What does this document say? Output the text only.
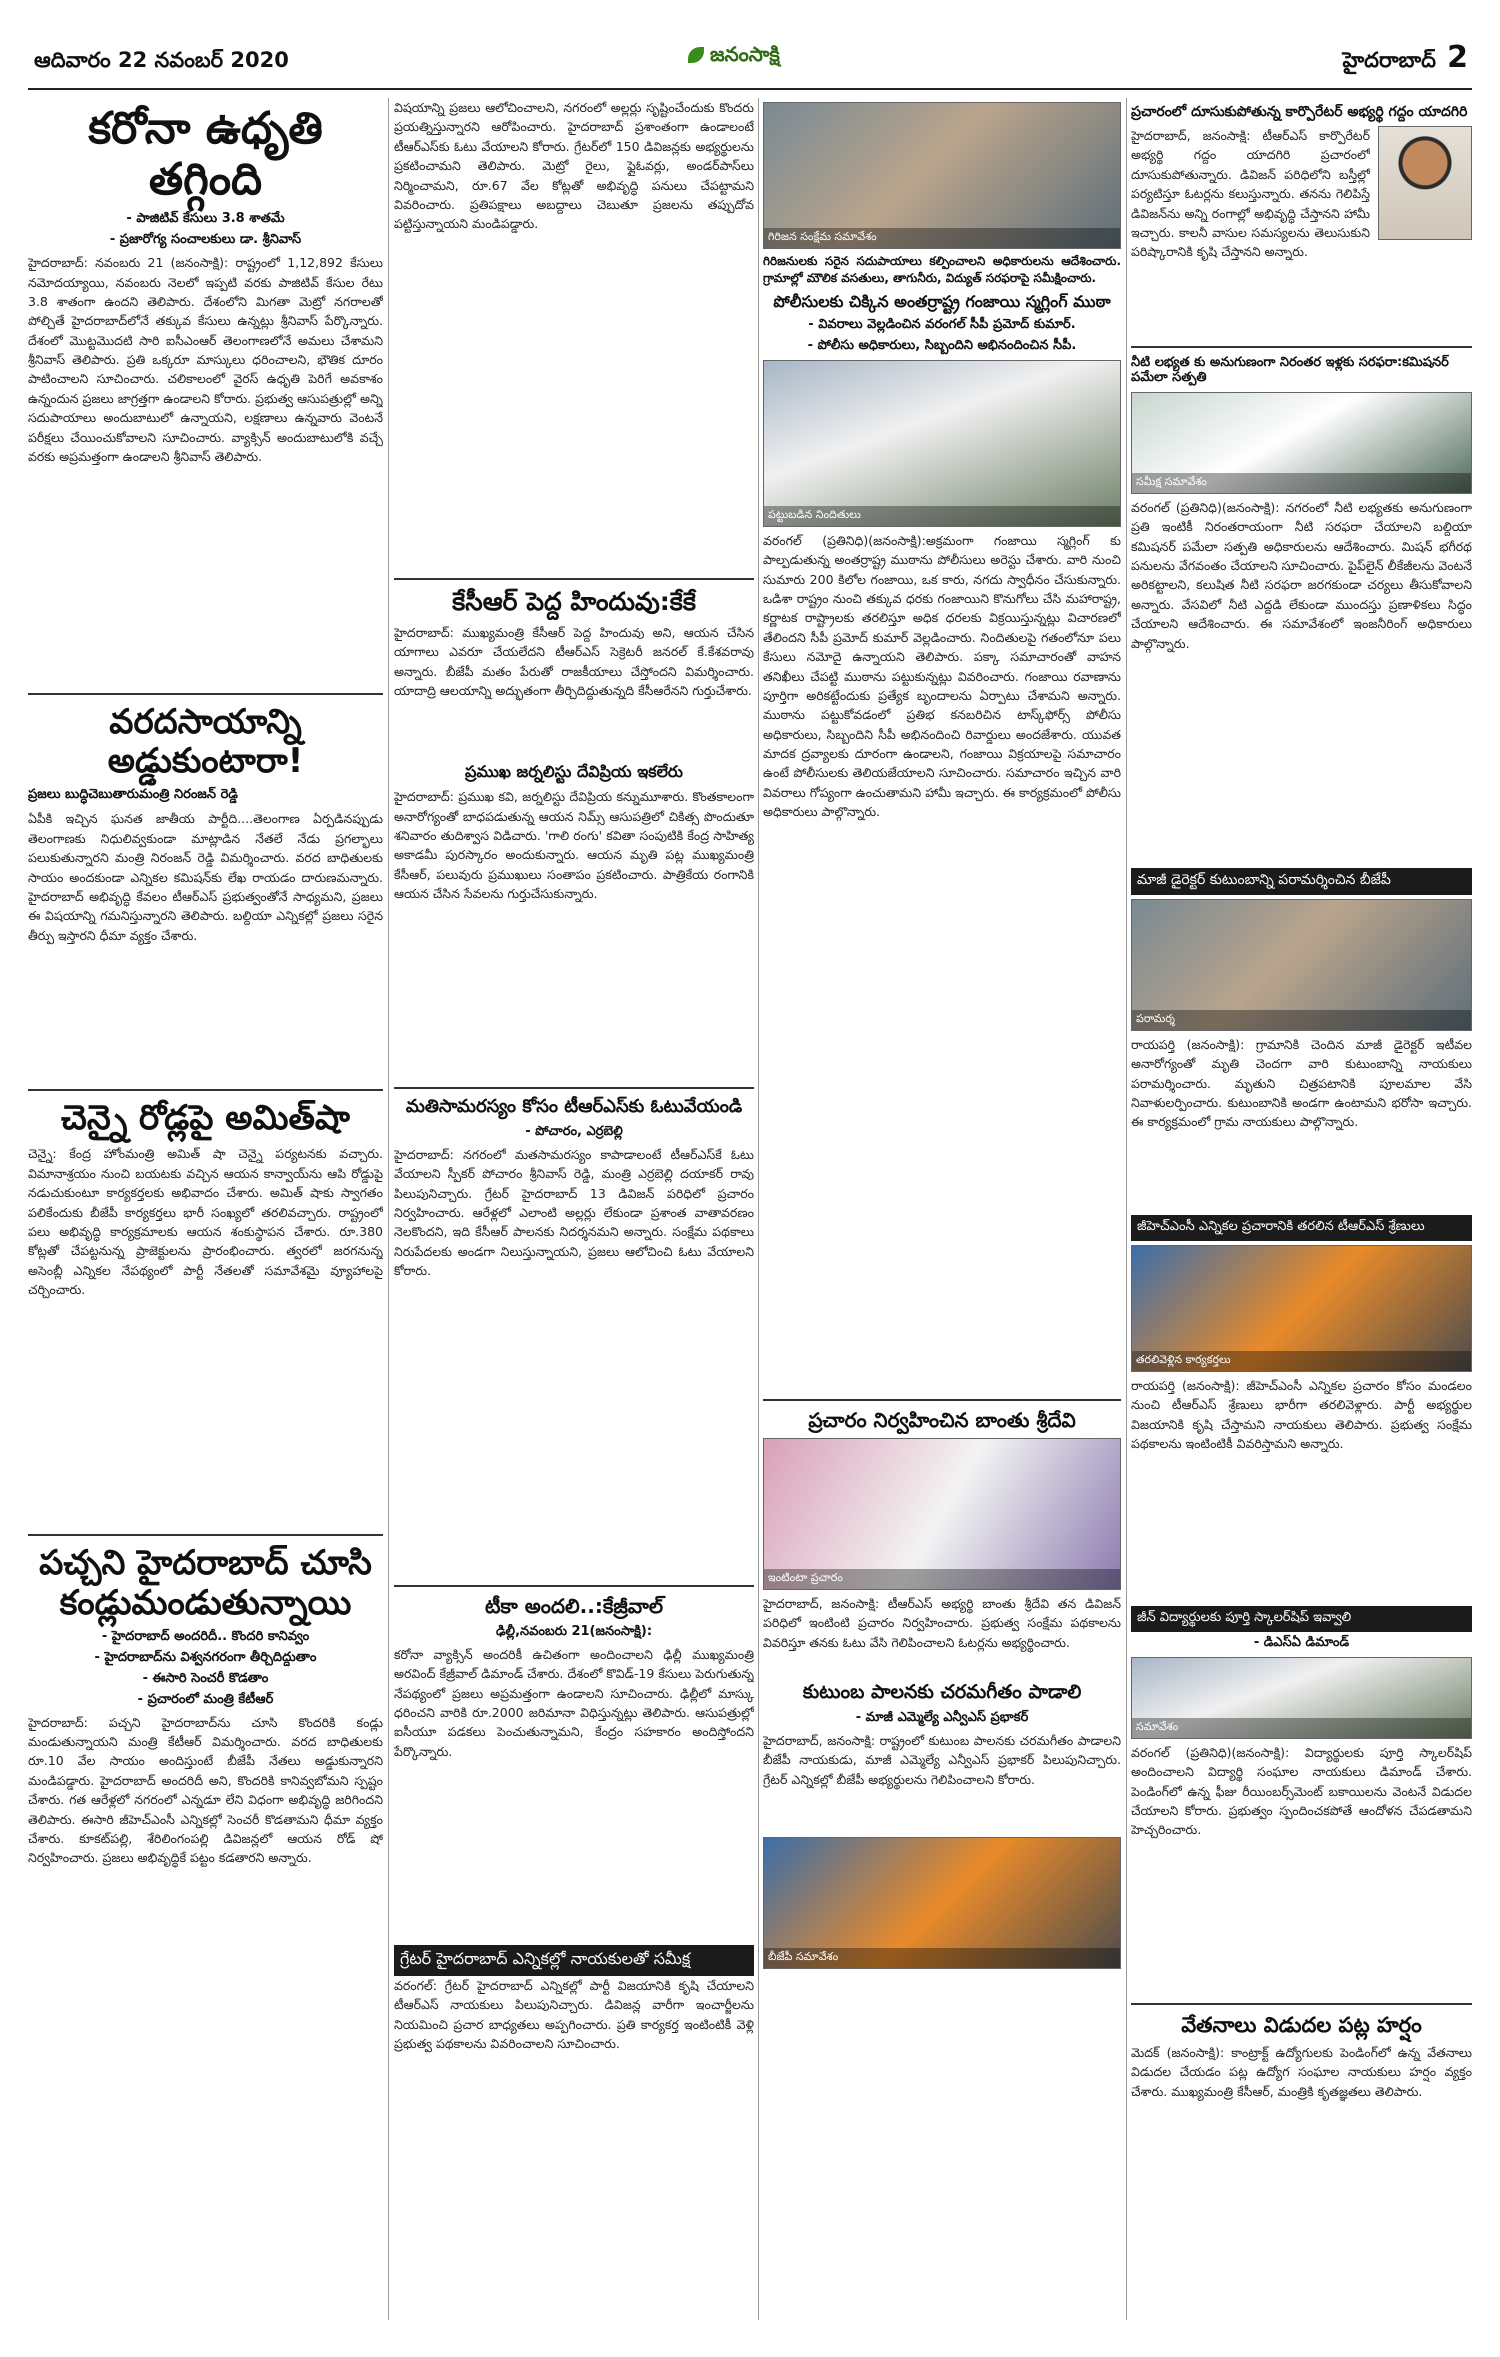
ఆదివారం 22 నవంబర్ 2020	జనంసాక్షి	హైదరాబాద్ 2
కరోనా ఉధృతి తగ్గింది
- పాజిటివ్ కేసులు 3.8 శాతమే
- ప్రజారోగ్య సంచాలకులు డా. శ్రీనివాస్
హైదరాబాద్: నవంబరు 21 (జనంసాక్షి): రాష్ట్రంలో 1,12,892 కేసులు నమోదయ్యాయి, నవంబరు నెలలో ఇప్పటి వరకు పాజిటివ్ కేసుల రేటు 3.8 శాతంగా ఉందని తెలిపారు. దేశంలోని మిగతా మెట్రో నగరాలతో పోల్చితే హైదరాబాద్‌లోనే తక్కువ కేసులు ఉన్నట్లు శ్రీనివాస్ పేర్కొన్నారు. దేశంలో మొట్టమొదటి సారి ఐసీఎంఆర్ తెలంగాణలోనే అమలు చేశామని శ్రీనివాస్ తెలిపారు. ప్రతి ఒక్కరూ మాస్కులు ధరించాలని, భౌతిక దూరం పాటించాలని సూచించారు. చలికాలంలో వైరస్ ఉధృతి పెరిగే అవకాశం ఉన్నందున ప్రజలు జాగ్రత్తగా ఉండాలని కోరారు. ప్రభుత్వ ఆసుపత్రుల్లో అన్ని సదుపాయాలు అందుబాటులో ఉన్నాయని, లక్షణాలు ఉన్నవారు వెంటనే పరీక్షలు చేయించుకోవాలని సూచించారు. వ్యాక్సిన్ అందుబాటులోకి వచ్చే వరకు అప్రమత్తంగా ఉండాలని శ్రీనివాస్ తెలిపారు.
వరదసాయాన్ని అడ్డుకుంటారా!
ప్రజలు బుద్ధిచెబుతారుమంత్రి నిరంజన్ రెడ్డి
ఏపీకి ఇచ్చిన ఘనత జాతీయ పార్టీది....తెలంగాణ ఏర్పడినప్పుడు తెలంగాణకు నిధులివ్వకుండా మాట్లాడిన నేతలే నేడు ప్రగల్భాలు పలుకుతున్నారని మంత్రి నిరంజన్ రెడ్డి విమర్శించారు. వరద బాధితులకు సాయం అందకుండా ఎన్నికల కమిషన్‌కు లేఖ రాయడం దారుణమన్నారు. హైదరాబాద్ అభివృద్ధి కేవలం టీఆర్ఎస్ ప్రభుత్వంతోనే సాధ్యమని, ప్రజలు ఈ విషయాన్ని గమనిస్తున్నారని తెలిపారు. బల్దియా ఎన్నికల్లో ప్రజలు సరైన తీర్పు ఇస్తారని ధీమా వ్యక్తం చేశారు.
చెన్నై రోడ్లపై అమిత్‌షా
చెన్నై: కేంద్ర హోంమంత్రి అమిత్ షా చెన్నై పర్యటనకు వచ్చారు. విమానాశ్రయం నుంచి బయటకు వచ్చిన ఆయన కాన్వాయ్‌ను ఆపి రోడ్డుపై నడుచుకుంటూ కార్యకర్తలకు అభివాదం చేశారు. అమిత్ షాకు స్వాగతం పలికేందుకు బీజేపీ కార్యకర్తలు భారీ సంఖ్యలో తరలివచ్చారు. రాష్ట్రంలో పలు అభివృద్ధి కార్యక్రమాలకు ఆయన శంకుస్థాపన చేశారు. రూ.380 కోట్లతో చేపట్టనున్న ప్రాజెక్టులను ప్రారంభించారు. త్వరలో జరగనున్న అసెంబ్లీ ఎన్నికల నేపథ్యంలో పార్టీ నేతలతో సమావేశమై వ్యూహాలపై చర్చించారు.
పచ్చని హైదరాబాద్ చూసి కండ్లుమండుతున్నాయి
- హైదరాబాద్ అందరిదీ.. కొందరి కానివ్వం
- హైదరాబాద్‌ను విశ్వనగరంగా తీర్చిదిద్దుతాం
- ఈసారి సెంచరీ కొడతాం
- ప్రచారంలో మంత్రి కేటీఆర్
హైదరాబాద్: పచ్చని హైదరాబాద్‌ను చూసి కొందరికి కండ్లు మండుతున్నాయని మంత్రి కేటీఆర్ విమర్శించారు. వరద బాధితులకు రూ.10 వేల సాయం అందిస్తుంటే బీజేపీ నేతలు అడ్డుకున్నారని మండిపడ్డారు. హైదరాబాద్ అందరిదీ అని, కొందరికి కానివ్వబోమని స్పష్టం చేశారు. గత ఆరేళ్లలో నగరంలో ఎన్నడూ లేని విధంగా అభివృద్ధి జరిగిందని తెలిపారు. ఈసారి జీహెచ్ఎంసీ ఎన్నికల్లో సెంచరీ కొడతామని ధీమా వ్యక్తం చేశారు. కూకట్‌పల్లి, శేరిలింగంపల్లి డివిజన్లలో ఆయన రోడ్ షో నిర్వహించారు. ప్రజలు అభివృద్ధికే పట్టం కడతారని అన్నారు.
విషయాన్ని ప్రజలు ఆలోచించాలని, నగరంలో అల్లర్లు సృష్టించేందుకు కొందరు ప్రయత్నిస్తున్నారని ఆరోపించారు. హైదరాబాద్ ప్రశాంతంగా ఉండాలంటే టీఆర్ఎస్‌కు ఓటు వేయాలని కోరారు. గ్రేటర్‌లో 150 డివిజన్లకు అభ్యర్థులను ప్రకటించామని తెలిపారు. మెట్రో రైలు, ఫ్లైఓవర్లు, అండర్‌పాస్‌లు నిర్మించామని, రూ.67 వేల కోట్లతో అభివృద్ధి పనులు చేపట్టామని వివరించారు. ప్రతిపక్షాలు అబద్దాలు చెబుతూ ప్రజలను తప్పుదోవ పట్టిస్తున్నాయని మండిపడ్డారు.
కేసీఆర్ పెద్ద హిందువు:కేకే
హైదరాబాద్: ముఖ్యమంత్రి కేసీఆర్ పెద్ద హిందువు అని, ఆయన చేసిన యాగాలు ఎవరూ చేయలేదని టీఆర్ఎస్ సెక్రెటరీ జనరల్ కే.కేశవరావు అన్నారు. బీజేపీ మతం పేరుతో రాజకీయాలు చేస్తోందని విమర్శించారు. యాదాద్రి ఆలయాన్ని అద్భుతంగా తీర్చిదిద్దుతున్నది కేసీఆరేనని గుర్తుచేశారు.
ప్రముఖ జర్నలిస్టు దేవిప్రియ ఇకలేరు
హైదరాబాద్: ప్రముఖ కవి, జర్నలిస్టు దేవిప్రియ కన్నుమూశారు. కొంతకాలంగా అనారోగ్యంతో బాధపడుతున్న ఆయన నిమ్స్ ఆసుపత్రిలో చికిత్స పొందుతూ శనివారం తుదిశ్వాస విడిచారు. 'గాలి రంగు' కవితా సంపుటికి కేంద్ర సాహిత్య అకాడమీ పురస్కారం అందుకున్నారు. ఆయన మృతి పట్ల ముఖ్యమంత్రి కేసీఆర్, పలువురు ప్రముఖులు సంతాపం ప్రకటించారు. పాత్రికేయ రంగానికి ఆయన చేసిన సేవలను గుర్తుచేసుకున్నారు.
మతిసామరస్యం కోసం టీఆర్ఎస్‌కు ఓటువేయండి
- పోచారం, ఎర్రబెల్లి
హైదరాబాద్: నగరంలో మతసామరస్యం కాపాడాలంటే టీఆర్ఎస్‌కే ఓటు వేయాలని స్పీకర్ పోచారం శ్రీనివాస్ రెడ్డి, మంత్రి ఎర్రబెల్లి దయాకర్ రావు పిలుపునిచ్చారు. గ్రేటర్ హైదరాబాద్ 13 డివిజన్ పరిధిలో ప్రచారం నిర్వహించారు. ఆరేళ్లలో ఎలాంటి అల్లర్లు లేకుండా ప్రశాంత వాతావరణం నెలకొందని, ఇది కేసీఆర్ పాలనకు నిదర్శనమని అన్నారు. సంక్షేమ పథకాలు నిరుపేదలకు అండగా నిలుస్తున్నాయని, ప్రజలు ఆలోచించి ఓటు వేయాలని కోరారు.
టీకా అందలి..:కేజ్రీవాల్
ఢిల్లీ,నవంబరు 21(జనంసాక్షి):
కరోనా వ్యాక్సిన్ అందరికీ ఉచితంగా అందించాలని ఢిల్లీ ముఖ్యమంత్రి అరవింద్ కేజ్రీవాల్ డిమాండ్ చేశారు. దేశంలో కొవిడ్-19 కేసులు పెరుగుతున్న నేపథ్యంలో ప్రజలు అప్రమత్తంగా ఉండాలని సూచించారు. ఢిల్లీలో మాస్కు ధరించని వారికి రూ.2000 జరిమానా విధిస్తున్నట్లు తెలిపారు. ఆసుపత్రుల్లో ఐసీయూ పడకలు పెంచుతున్నామని, కేంద్రం సహకారం అందిస్తోందని పేర్కొన్నారు.
గ్రేటర్ హైదరాబాద్ ఎన్నికల్లో నాయకులతో సమీక్ష
వరంగల్: గ్రేటర్ హైదరాబాద్ ఎన్నికల్లో పార్టీ విజయానికి కృషి చేయాలని టీఆర్ఎస్ నాయకులు పిలుపునిచ్చారు. డివిజన్ల వారీగా ఇంచార్జీలను నియమించి ప్రచార బాధ్యతలు అప్పగించారు. ప్రతి కార్యకర్త ఇంటింటికీ వెళ్లి ప్రభుత్వ పథకాలను వివరించాలని సూచించారు.
గిరిజన సంక్షేమ సమావేశం
గిరిజనులకు సరైన సదుపాయాలు కల్పించాలని అధికారులను ఆదేశించారు. గ్రామాల్లో మౌలిక వసతులు, తాగునీరు, విద్యుత్ సరఫరాపై సమీక్షించారు.
పోలీసులకు చిక్కిన అంతర్రాష్ట్ర గంజాయి స్మగ్లింగ్ ముఠా
- వివరాలు వెల్లడించిన వరంగల్ సీపీ ప్రమోద్ కుమార్.
- పోలీసు అధికారులు, సిబ్బందిని అభినందించిన సీపీ.
పట్టుబడిన నిందితులు
వరంగల్ (ప్రతినిధి)(జనంసాక్షి):అక్రమంగా గంజాయి స్మగ్లింగ్ కు పాల్పడుతున్న అంతర్రాష్ట్ర ముఠాను పోలీసులు అరెస్టు చేశారు. వారి నుంచి సుమారు 200 కిలోల గంజాయి, ఒక కారు, నగదు స్వాధీనం చేసుకున్నారు. ఒడిశా రాష్ట్రం నుంచి తక్కువ ధరకు గంజాయిని కొనుగోలు చేసి మహారాష్ట్ర, కర్ణాటక రాష్ట్రాలకు తరలిస్తూ అధిక ధరలకు విక్రయిస్తున్నట్లు విచారణలో తేలిందని సీపీ ప్రమోద్ కుమార్ వెల్లడించారు. నిందితులపై గతంలోనూ పలు కేసులు నమోదై ఉన్నాయని తెలిపారు. పక్కా సమాచారంతో వాహన తనిఖీలు చేపట్టి ముఠాను పట్టుకున్నట్లు వివరించారు. గంజాయి రవాణాను పూర్తిగా అరికట్టేందుకు ప్రత్యేక బృందాలను ఏర్పాటు చేశామని అన్నారు. ముఠాను పట్టుకోవడంలో ప్రతిభ కనబరిచిన టాస్క్‌ఫోర్స్ పోలీసు అధికారులు, సిబ్బందిని సీపీ అభినందించి రివార్డులు అందజేశారు. యువత మాదక ద్రవ్యాలకు దూరంగా ఉండాలని, గంజాయి విక్రయాలపై సమాచారం ఉంటే పోలీసులకు తెలియజేయాలని సూచించారు. సమాచారం ఇచ్చిన వారి వివరాలు గోప్యంగా ఉంచుతామని హామీ ఇచ్చారు. ఈ కార్యక్రమంలో పోలీసు అధికారులు పాల్గొన్నారు.
ప్రచారం నిర్వహించిన బాంతు శ్రీదేవి
ఇంటింటా ప్రచారం
హైదరాబాద్, జనంసాక్షి: టీఆర్ఎస్ అభ్యర్థి బాంతు శ్రీదేవి తన డివిజన్ పరిధిలో ఇంటింటి ప్రచారం నిర్వహించారు. ప్రభుత్వ సంక్షేమ పథకాలను వివరిస్తూ తనకు ఓటు వేసి గెలిపించాలని ఓటర్లను అభ్యర్థించారు.
కుటుంబ పాలనకు చరమగీతం పాడాలి
- మాజీ ఎమ్మెల్యే ఎన్వీఎస్ ప్రభాకర్
హైదరాబాద్, జనంసాక్షి: రాష్ట్రంలో కుటుంబ పాలనకు చరమగీతం పాడాలని బీజేపీ నాయకుడు, మాజీ ఎమ్మెల్యే ఎన్వీఎస్ ప్రభాకర్ పిలుపునిచ్చారు. గ్రేటర్ ఎన్నికల్లో బీజేపీ అభ్యర్థులను గెలిపించాలని కోరారు.
బీజేపీ సమావేశం
ప్రచారంలో దూసుకుపోతున్న కార్పొరేటర్ అభ్యర్థి గద్దం యాదగిరి
హైదరాబాద్, జనంసాక్షి: టీఆర్ఎస్ కార్పొరేటర్ అభ్యర్థి గద్దం యాదగిరి ప్రచారంలో దూసుకుపోతున్నారు. డివిజన్ పరిధిలోని బస్తీల్లో పర్యటిస్తూ ఓటర్లను కలుస్తున్నారు. తనను గెలిపిస్తే డివిజన్‌ను అన్ని రంగాల్లో అభివృద్ధి చేస్తానని హామీ ఇచ్చారు. కాలనీ వాసుల సమస్యలను తెలుసుకుని పరిష్కారానికి కృషి చేస్తానని అన్నారు.
నీటి లభ్యత కు అనుగుణంగా నిరంతర ఇళ్లకు సరఫరా:కమిషనర్ పమేలా సత్పతి
సమీక్ష సమావేశం
వరంగల్ (ప్రతినిధి)(జనంసాక్షి): నగరంలో నీటి లభ్యతకు అనుగుణంగా ప్రతి ఇంటికీ నిరంతరాయంగా నీటి సరఫరా చేయాలని బల్దియా కమిషనర్ పమేలా సత్పతి అధికారులను ఆదేశించారు. మిషన్ భగీరథ పనులను వేగవంతం చేయాలని సూచించారు. పైప్‌లైన్ లీకేజీలను వెంటనే అరికట్టాలని, కలుషిత నీటి సరఫరా జరగకుండా చర్యలు తీసుకోవాలని అన్నారు. వేసవిలో నీటి ఎద్దడి లేకుండా ముందస్తు ప్రణాళికలు సిద్ధం చేయాలని ఆదేశించారు. ఈ సమావేశంలో ఇంజనీరింగ్ అధికారులు పాల్గొన్నారు.
మాజీ డైరెక్టర్ కుటుంబాన్ని పరామర్శించిన బీజేపీ
పరామర్శ
రాయపర్తి (జనంసాక్షి): గ్రామానికి చెందిన మాజీ డైరెక్టర్ ఇటీవల అనారోగ్యంతో మృతి చెందగా వారి కుటుంబాన్ని నాయకులు పరామర్శించారు. మృతుని చిత్రపటానికి పూలమాల వేసి నివాళులర్పించారు. కుటుంబానికి అండగా ఉంటామని భరోసా ఇచ్చారు. ఈ కార్యక్రమంలో గ్రామ నాయకులు పాల్గొన్నారు.
జీహెచ్ఎంసీ ఎన్నికల ప్రచారానికి తరలిన టీఆర్ఎస్ శ్రేణులు
తరలివెళ్లిన కార్యకర్తలు
రాయపర్తి (జనంసాక్షి): జీహెచ్ఎంసీ ఎన్నికల ప్రచారం కోసం మండలం నుంచి టీఆర్ఎస్ శ్రేణులు భారీగా తరలివెళ్లారు. పార్టీ అభ్యర్థుల విజయానికి కృషి చేస్తామని నాయకులు తెలిపారు. ప్రభుత్వ సంక్షేమ పథకాలను ఇంటింటికీ వివరిస్తామని అన్నారు.
జీన్ విద్యార్థులకు పూర్తి స్కాలర్‌షిప్‌ ఇవ్వాలి
- డిఎస్ఏ డిమాండ్
సమావేశం
వరంగల్ (ప్రతినిధి)(జనంసాక్షి): విద్యార్థులకు పూర్తి స్కాలర్‌షిప్‌ అందించాలని విద్యార్థి సంఘాల నాయకులు డిమాండ్ చేశారు. పెండింగ్‌లో ఉన్న ఫీజు రీయింబర్స్‌మెంట్ బకాయిలను వెంటనే విడుదల చేయాలని కోరారు. ప్రభుత్వం స్పందించకపోతే ఆందోళన చేపడతామని హెచ్చరించారు.
వేతనాలు విడుదల పట్ల హర్షం
మెదక్ (జనంసాక్షి): కాంట్రాక్ట్ ఉద్యోగులకు పెండింగ్‌లో ఉన్న వేతనాలు విడుదల చేయడం పట్ల ఉద్యోగ సంఘాల నాయకులు హర్షం వ్యక్తం చేశారు. ముఖ్యమంత్రి కేసీఆర్, మంత్రికి కృతజ్ఞతలు తెలిపారు.
